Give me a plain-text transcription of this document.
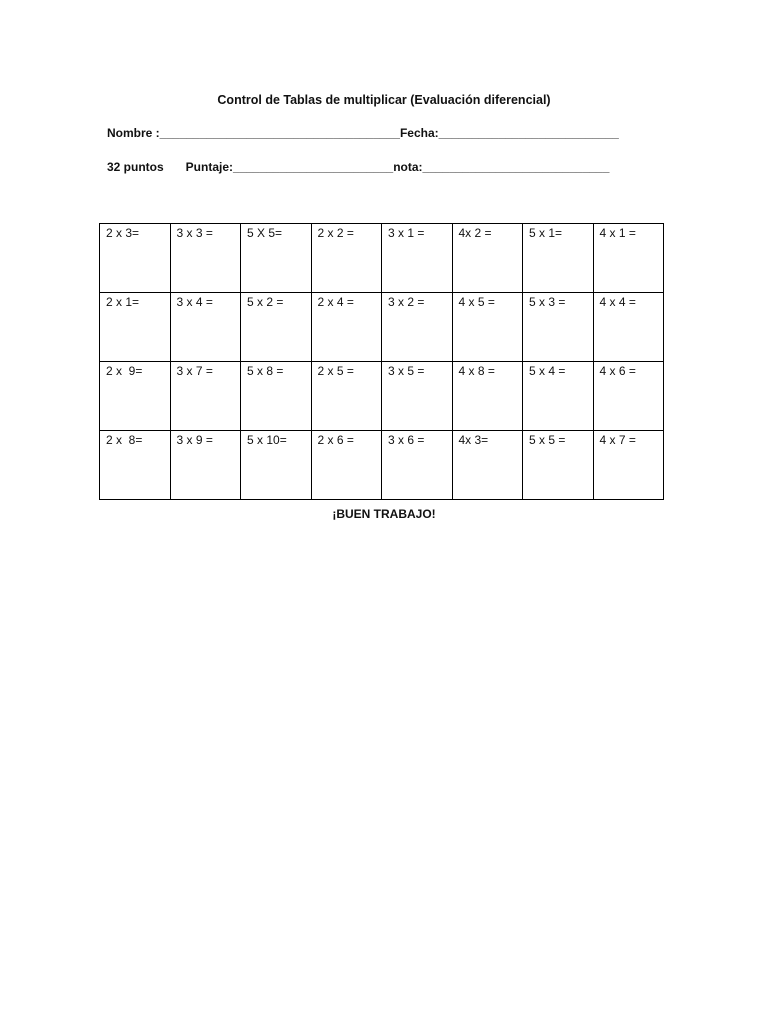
Control de Tablas de multiplicar (Evaluación diferencial)
Nombre :____________________________________Fecha:___________________________
32 puntos Puntaje:________________________nota:____________________________
2 x 3=	3 x 3 =	5 X 5=	2 x 2 =	3 x 1 =	4x 2 =	5 x 1=	4 x 1 =
2 x 1=	3 x 4 =	5 x 2 =	2 x 4 =	3 x 2 =	4 x 5 =	5 x 3 =	4 x 4 =
2 x  9=	3 x 7 =	5 x 8 =	2 x 5 =	3 x 5 =	4 x 8 =	5 x 4 =	4 x 6 =
2 x  8=	3 x 9 =	5 x 10=	2 x 6 =	3 x 6 =	4x 3=	5 x 5 =	4 x 7 =
¡BUEN TRABAJO!
